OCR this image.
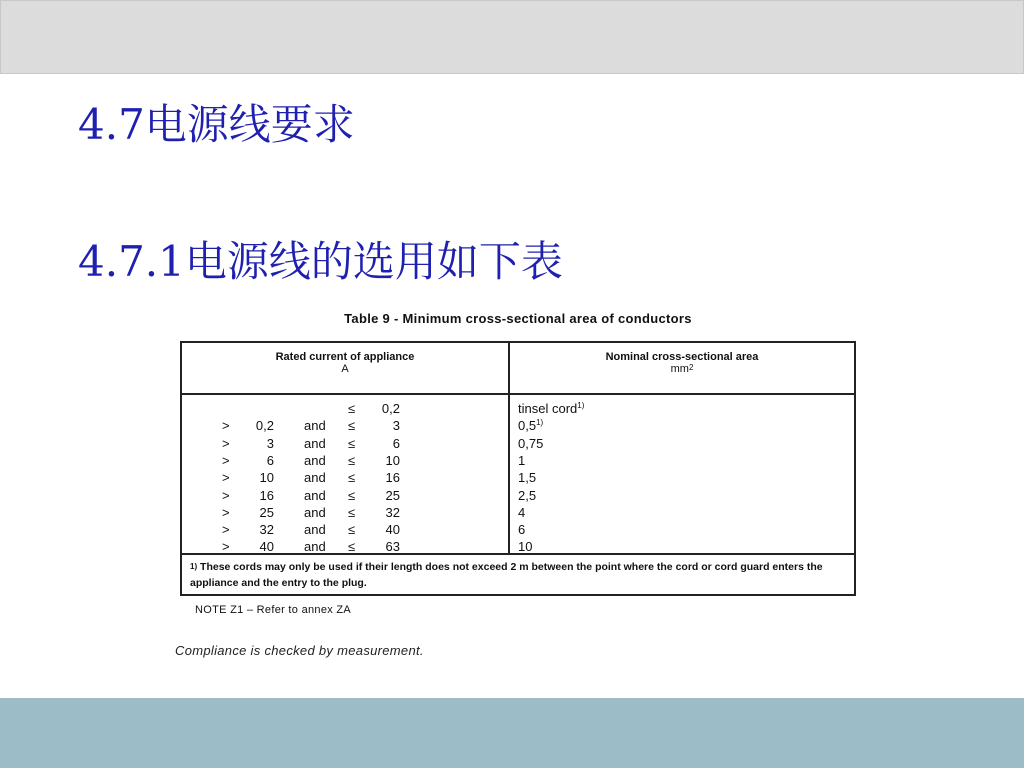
4.7电源线要求
4.7.1电源线的选用如下表
Table 9 - Minimum cross-sectional area of conductors
Rated current of appliance
A
Nominal cross-sectional area
$mm^2$
≤	0,2	tinsel cord$^{1)}$
>	0,2 and ≤	3	$0,5^{1)}$
>	3 and ≤	6	0,75
>	6 and ≤	10	1
>	10 and ≤	16	1,5
>	16 and ≤	25	2,5
>	25 and ≤	32	4
>	32 and ≤	40	6
>	40 and ≤	63	10
$^{1)}$ These cords may only be used if their length does not exceed 2 m between the point where the cord or cord guard enters the appliance and the entry to the plug.
NOTE Z1 – Refer to annex ZA
Compliance is checked by measurement.
